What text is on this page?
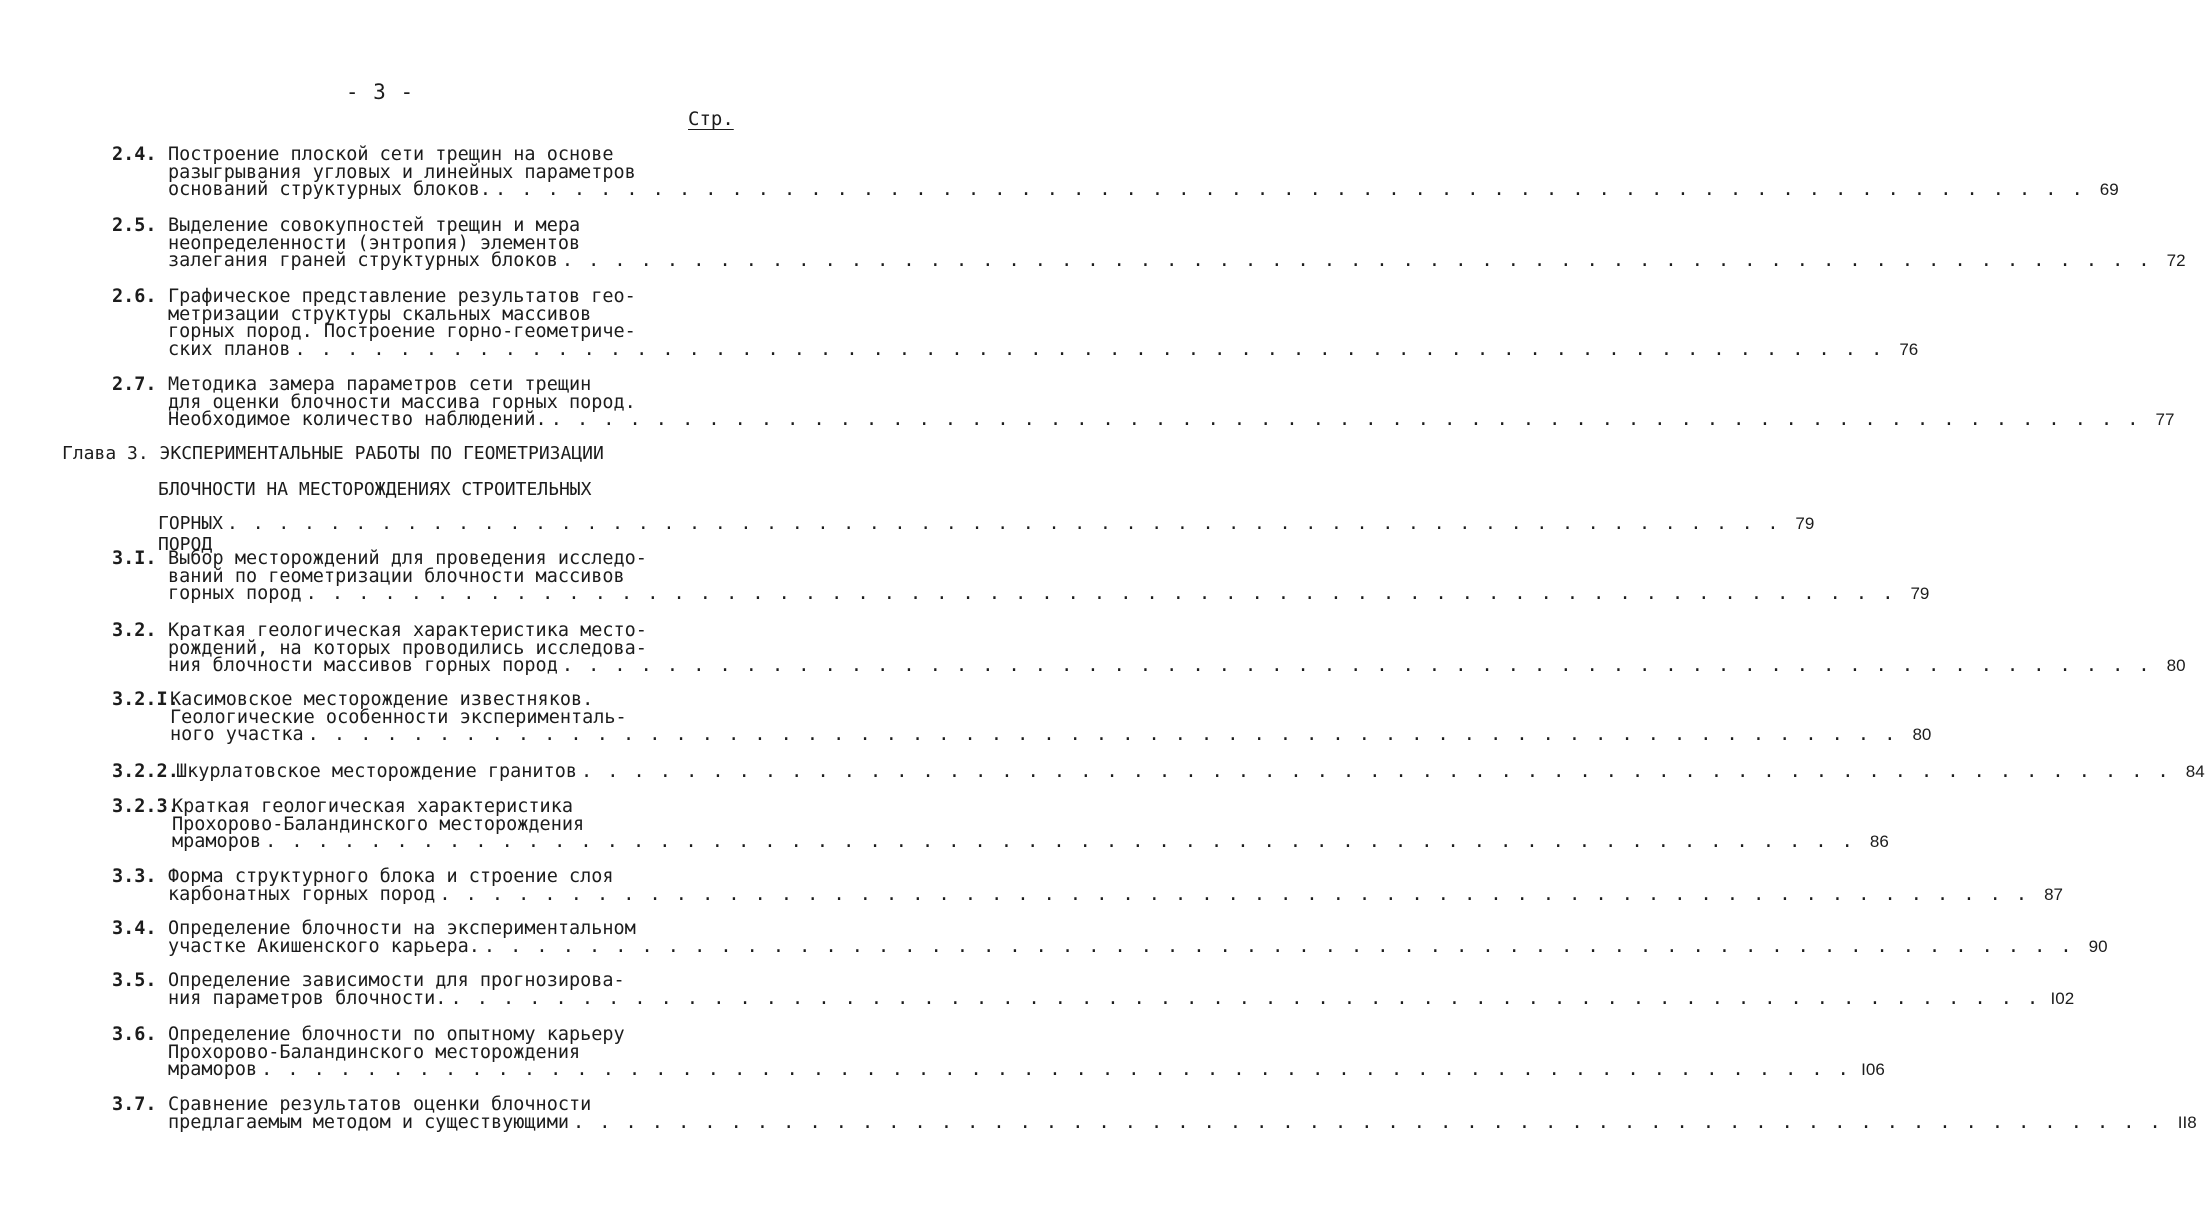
- 3 -
Стр.
2.4. Построение плоской сети трещин на основе
разыгрывания угловых и линейных параметров
оснований структурных блоков. . . . . . . . . . . . . . . . . . . . . . . . . . . . . . . . . . . . . . . . . . . . . . . . . . . . . . . . . . . . . . 69
2.5. Выделение совокупностей трещин и мера
неопределенности (энтропия) элементов
залегания граней структурных блоков . . . . . . . . . . . . . . . . . . . . . . . . . . . . . . . . . . . . . . . . . . . . . . . . . . . . . . . . . . . . . 72
2.6. Графическое представление результатов гео-
метризации структуры скальных массивов
горных пород. Построение горно-геометриче-
ских планов . . . . . . . . . . . . . . . . . . . . . . . . . . . . . . . . . . . . . . . . . . . . . . . . . . . . . . . . . . . . . 76
2.7. Методика замера параметров сети трещин
для оценки блочности массива горных пород.
Необходимое количество наблюдений. . . . . . . . . . . . . . . . . . . . . . . . . . . . . . . . . . . . . . . . . . . . . . . . . . . . . . . . . . . . . . 77
Глава 3. ЭКСПЕРИМЕНТАЛЬНЫЕ РАБОТЫ ПО ГЕОМЕТРИЗАЦИИ
БЛОЧНОСТИ НА МЕСТОРОЖДЕНИЯХ СТРОИТЕЛЬНЫХ
ГОРНЫХ ПОРОД
. . . . . . . . . . . . . . . . . . . . . . . . . . . . . . . . . . . . . . . . . . . . . . . . . . . . . . . . . . . . . 79
3.I. Выбор месторождений для проведения исследо-
ваний по геометризации блочности массивов
горных пород . . . . . . . . . . . . . . . . . . . . . . . . . . . . . . . . . . . . . . . . . . . . . . . . . . . . . . . . . . . . . 79
3.2. Краткая геологическая характеристика место-
рождений, на которых проводились исследова-
ния блочности массивов горных пород . . . . . . . . . . . . . . . . . . . . . . . . . . . . . . . . . . . . . . . . . . . . . . . . . . . . . . . . . . . . . 80
3.2.I.
Касимовское месторождение известняков.
Геологические особенности эксперименталь-
ного участка . . . . . . . . . . . . . . . . . . . . . . . . . . . . . . . . . . . . . . . . . . . . . . . . . . . . . . . . . . . . . 80
3.2.2.
Шкурлатовское месторождение гранитов . . . . . . . . . . . . . . . . . . . . . . . . . . . . . . . . . . . . . . . . . . . . . . . . . . . . . . . . . . . . . 84
3.2.3.
Краткая геологическая характеристика
Прохорово-Баландинского месторождения
мраморов . . . . . . . . . . . . . . . . . . . . . . . . . . . . . . . . . . . . . . . . . . . . . . . . . . . . . . . . . . . . . 86
3.3. Форма структурного блока и строение слоя
карбонатных горных пород . . . . . . . . . . . . . . . . . . . . . . . . . . . . . . . . . . . . . . . . . . . . . . . . . . . . . . . . . . . . . 87
3.4. Определение блочности на экспериментальном
участке Акишенского карьера. . . . . . . . . . . . . . . . . . . . . . . . . . . . . . . . . . . . . . . . . . . . . . . . . . . . . . . . . . . . . . 90
3.5. Определение зависимости для прогнозирова-
ния параметров блочности. . . . . . . . . . . . . . . . . . . . . . . . . . . . . . . . . . . . . . . . . . . . . . . . . . . . . . . . . . . . . . I02
3.6. Определение блочности по опытному карьеру
Прохорово-Баландинского месторождения
мраморов . . . . . . . . . . . . . . . . . . . . . . . . . . . . . . . . . . . . . . . . . . . . . . . . . . . . . . . . . . . . . I06
3.7. Сравнение результатов оценки блочности
предлагаемым методом и существующими . . . . . . . . . . . . . . . . . . . . . . . . . . . . . . . . . . . . . . . . . . . . . . . . . . . . . . . . . . . . . II8
